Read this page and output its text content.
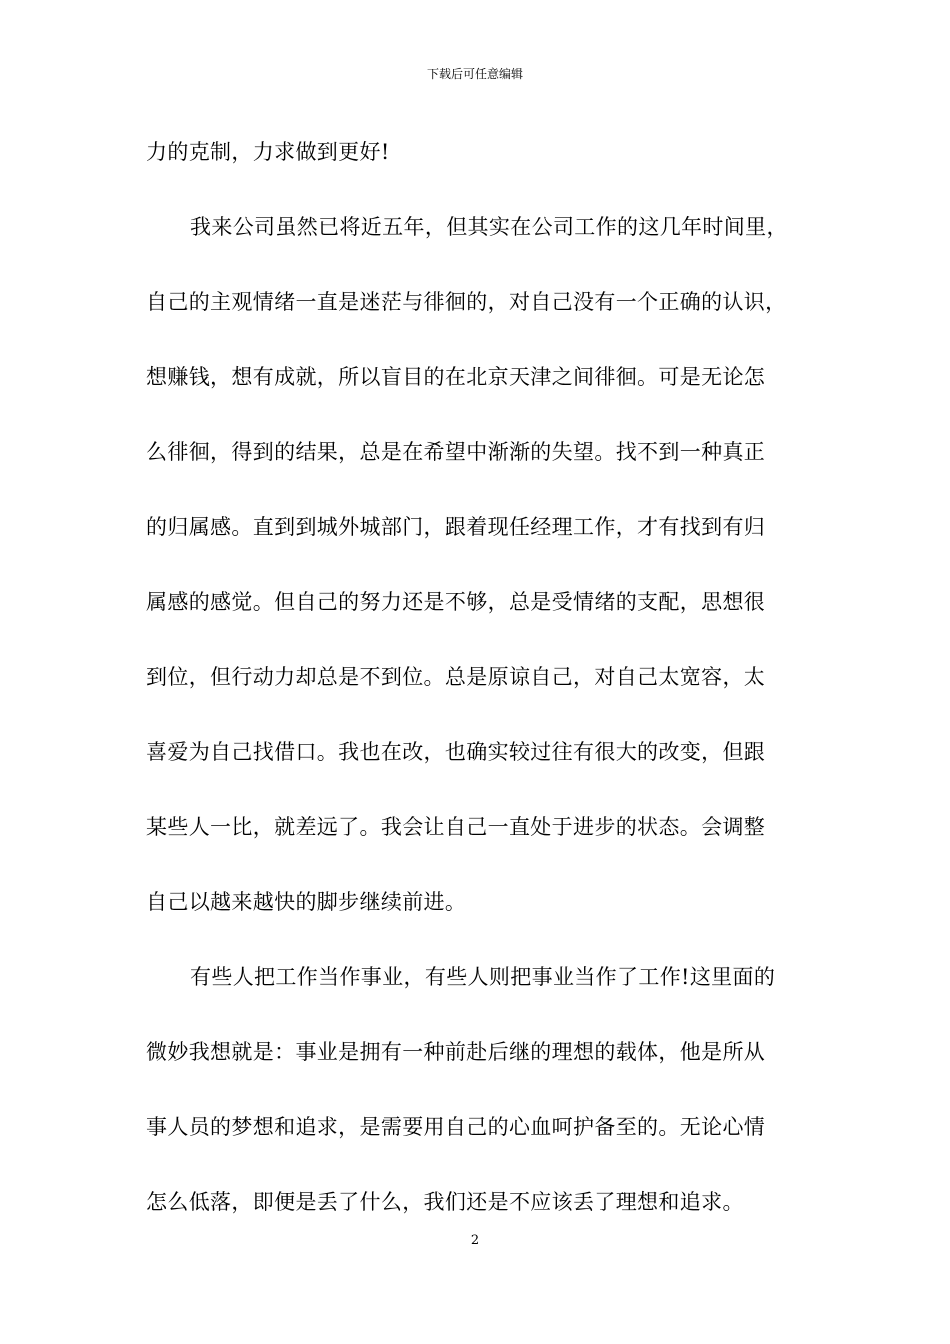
下载后可任意编辑
力的克制，力求做到更好!
我来公司虽然已将近五年，但其实在公司工作的这几年时间里，
自己的主观情绪一直是迷茫与徘徊的，对自己没有一个正确的认识，
想赚钱，想有成就，所以盲目的在北京天津之间徘徊。可是无论怎
么徘徊，得到的结果，总是在希望中渐渐的失望。找不到一种真正
的归属感。直到到城外城部门，跟着现任经理工作，才有找到有归
属感的感觉。但自己的努力还是不够，总是受情绪的支配，思想很
到位，但行动力却总是不到位。总是原谅自己，对自己太宽容，太
喜爱为自己找借口。我也在改，也确实较过往有很大的改变，但跟
某些人一比，就差远了。我会让自己一直处于进步的状态。会调整
自己以越来越快的脚步继续前进。
有些人把工作当作事业，有些人则把事业当作了工作!这里面的
微妙我想就是：事业是拥有一种前赴后继的理想的载体，他是所从
事人员的梦想和追求，是需要用自己的心血呵护备至的。无论心情
怎么低落，即便是丢了什么，我们还是不应该丢了理想和追求。
2
